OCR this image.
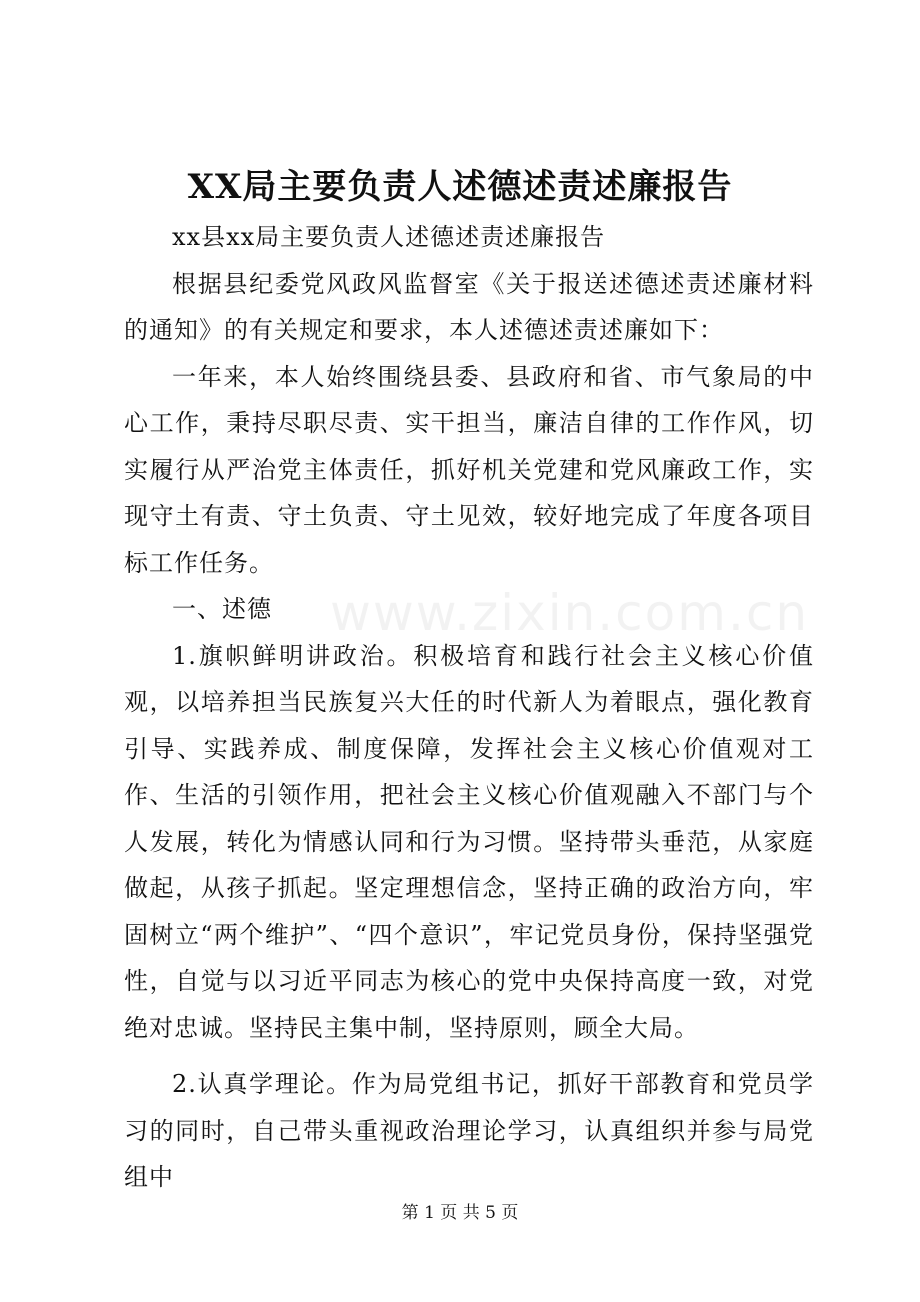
XX局主要负责人述德述责述廉报告

xx县xx局主要负责人述德述责述廉报告

根据县纪委党风政风监督室《关于报送述德述责述廉材料的通知》的有关规定和要求，本人述德述责述廉如下：

一年来，本人始终围绕县委、县政府和省、市气象局的中心工作，秉持尽职尽责、实干担当，廉洁自律的工作作风，切实履行从严治党主体责任，抓好机关党建和党风廉政工作，实现守土有责、守土负责、守土见效，较好地完成了年度各项目标工作任务。

一、述德

1.旗帜鲜明讲政治。积极培育和践行社会主义核心价值观，以培养担当民族复兴大任的时代新人为着眼点，强化教育引导、实践养成、制度保障，发挥社会主义核心价值观对工作、生活的引领作用，把社会主义核心价值观融入不部门与个人发展，转化为情感认同和行为习惯。坚持带头垂范，从家庭做起，从孩子抓起。坚定理想信念，坚持正确的政治方向，牢固树立“两个维护”、“四个意识”，牢记党员身份，保持坚强党性，自觉与以习近平同志为核心的党中央保持高度一致，对党绝对忠诚。坚持民主集中制，坚持原则，顾全大局。

2.认真学理论。作为局党组书记，抓好干部教育和党员学习的同时，自己带头重视政治理论学习，认真组织并参与局党组中

www.zixin.com.cn
第 1 页 共 5 页
